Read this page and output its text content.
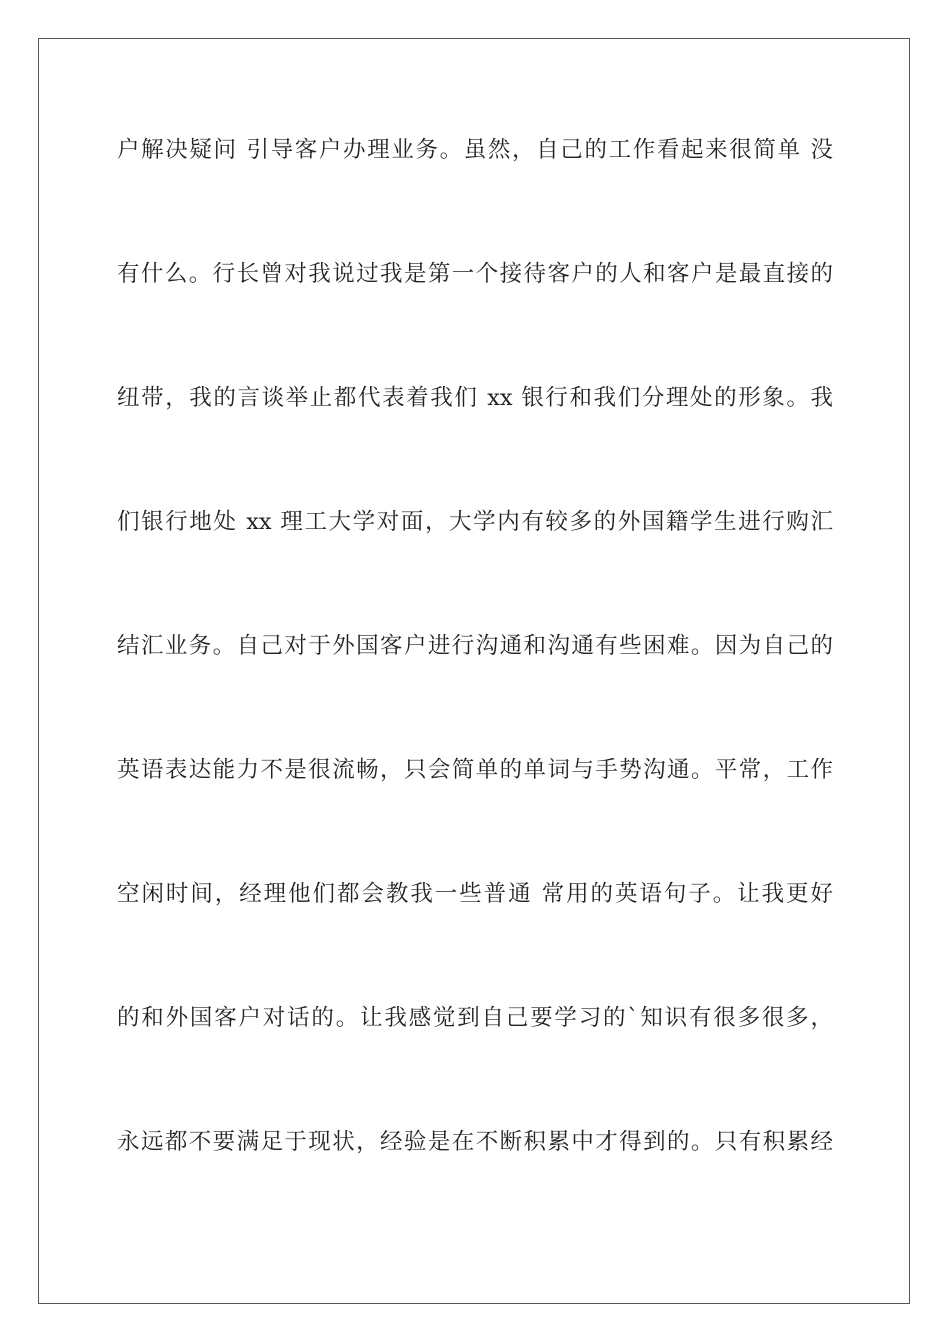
户解决疑问 引导客户办理业务。虽然，自己的工作看起来很简单 没
有什么。行长曾对我说过我是第一个接待客户的人和客户是最直接的
纽带，我的言谈举止都代表着我们 xx 银行和我们分理处的形象。我
们银行地处 xx 理工大学对面，大学内有较多的外国籍学生进行购汇
结汇业务。自己对于外国客户进行沟通和沟通有些困难。因为自己的
英语表达能力不是很流畅，只会简单的单词与手势沟通。平常，工作
空闲时间，经理他们都会教我一些普通 常用的英语句子。让我更好
的和外国客户对话的。让我感觉到自己要学习的`知识有很多很多，
永远都不要满足于现状，经验是在不断积累中才得到的。只有积累经
